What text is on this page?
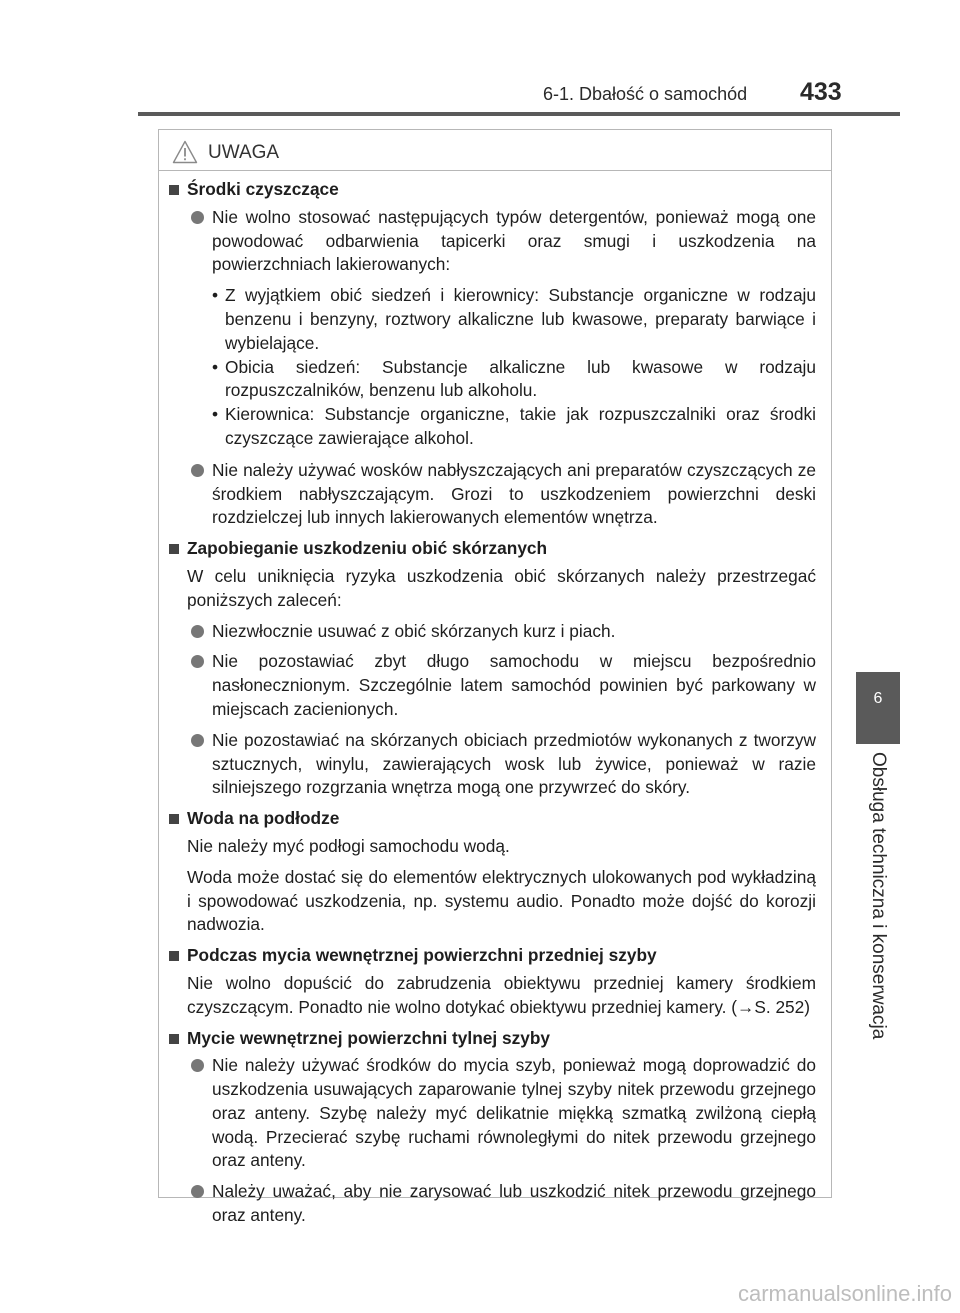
6-1. Dbałość o samochód 433
6
Obsługa techniczna i konserwacja
UWAGA
Środki czyszczące
Nie wolno stosować następujących typów detergentów, ponieważ mogą one powodować odbarwienia tapicerki oraz smugi i uszkodzenia na powierzchniach lakierowanych:
• Z wyjątkiem obić siedzeń i kierownicy: Substancje organiczne w rodzaju benzenu i benzyny, roztwory alkaliczne lub kwasowe, preparaty barwiące i wybielające.
• Obicia siedzeń: Substancje alkaliczne lub kwasowe w rodzaju rozpuszczalników, benzenu lub alkoholu.
• Kierownica: Substancje organiczne, takie jak rozpuszczalniki oraz środki czyszczące zawierające alkohol.
Nie należy używać wosków nabłyszczających ani preparatów czyszczących ze środkiem nabłyszczającym. Grozi to uszkodzeniem powierzchni deski rozdzielczej lub innych lakierowanych elementów wnętrza.
Zapobieganie uszkodzeniu obić skórzanych
W celu uniknięcia ryzyka uszkodzenia obić skórzanych należy przestrzegać poniższych zaleceń:
Niezwłocznie usuwać z obić skórzanych kurz i piach.
Nie pozostawiać zbyt długo samochodu w miejscu bezpośrednio nasłonecznionym. Szczególnie latem samochód powinien być parkowany w miejscach zacienionych.
Nie pozostawiać na skórzanych obiciach przedmiotów wykonanych z tworzyw sztucznych, winylu, zawierających wosk lub żywice, ponieważ w razie silniejszego rozgrzania wnętrza mogą one przywrzeć do skóry.
Woda na podłodze
Nie należy myć podłogi samochodu wodą.
Woda może dostać się do elementów elektrycznych ulokowanych pod wykładziną i spowodować uszkodzenia, np. systemu audio. Ponadto może dojść do korozji nadwozia.
Podczas mycia wewnętrznej powierzchni przedniej szyby
Nie wolno dopuścić do zabrudzenia obiektywu przedniej kamery środkiem czyszczącym. Ponadto nie wolno dotykać obiektywu przedniej kamery. (→S. 252)
Mycie wewnętrznej powierzchni tylnej szyby
Nie należy używać środków do mycia szyb, ponieważ mogą doprowadzić do uszkodzenia usuwających zaparowanie tylnej szyby nitek przewodu grzejnego oraz anteny. Szybę należy myć delikatnie miękką szmatką zwilżoną ciepłą wodą. Przecierać szybę ruchami równoległymi do nitek przewodu grzejnego oraz anteny.
Należy uważać, aby nie zarysować lub uszkodzić nitek przewodu grzejnego oraz anteny.
carmanualsonline.info
